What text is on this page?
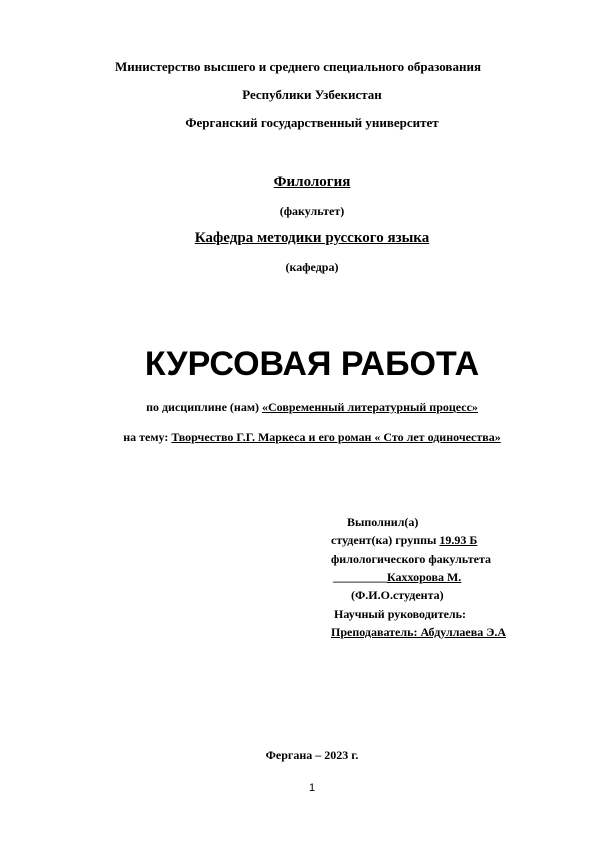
Министерство высшего и среднего специального образования
Республики Узбекистан
Ферганский государственный университет
Филология
(факультет)
Кафедра методики русского языка
(кафедра)
КУРСОВАЯ РАБОТА
по дисциплине (нам) «Современный литературный процесс»
на тему: Творчество Г.Г. Маркеса и его роман « Сто лет одиночества»
Выполнил(а)
студент(ка) группы 19.93 Б
филологического факультета
_________Каххорова М.
(Ф.И.О.студента)
Научный руководитель:
Преподаватель: Абдуллаева Э.А
Фергана – 2023 г.
1
